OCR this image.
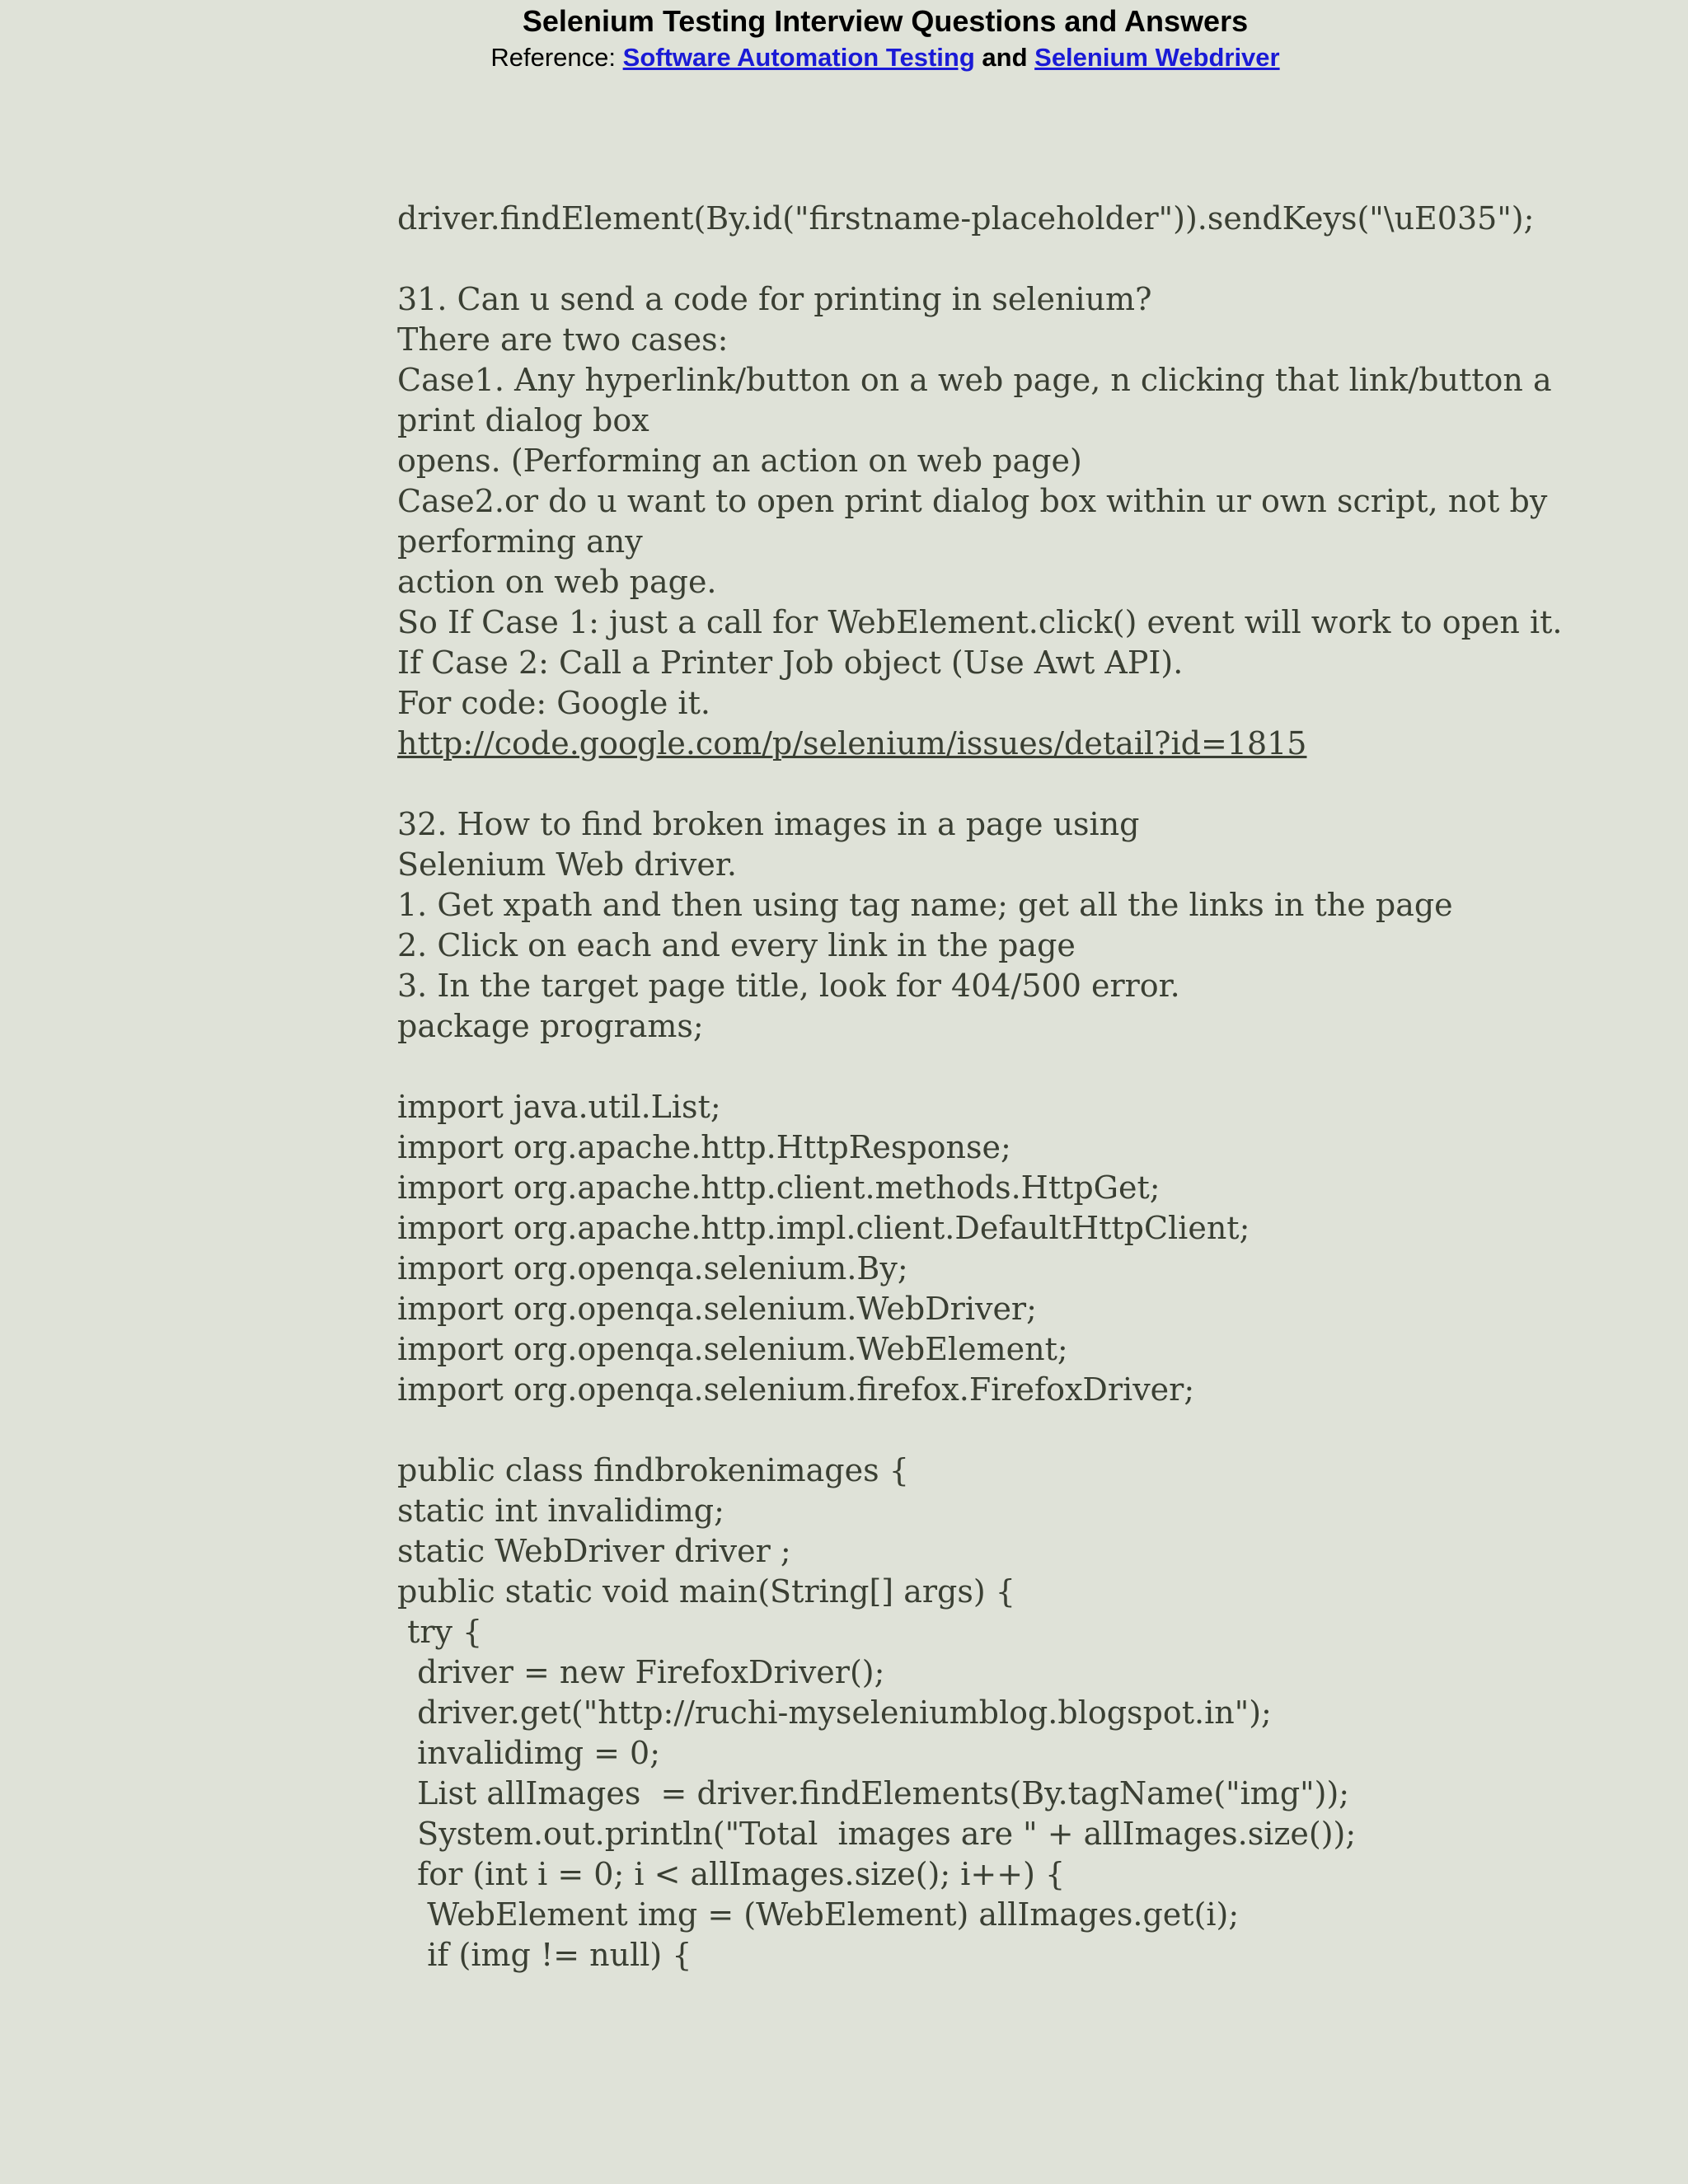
Selenium Testing Interview Questions and Answers
Reference: Software Automation Testing and Selenium Webdriver
driver.findElement(By.id("firstname-placeholder")).sendKeys("\uE035");
31. Can u send a code for printing in selenium?
There are two cases:
Case1. Any hyperlink/button on a web page, n clicking that link/button a
print dialog box
opens. (Performing an action on web page)
Case2.or do u want to open print dialog box within ur own script, not by
performing any
action on web page.
So If Case 1: just a call for WebElement.click() event will work to open it.
If Case 2: Call a Printer Job object (Use Awt API).
For code: Google it.
http://code.google.com/p/selenium/issues/detail?id=1815
32. How to find broken images in a page using
Selenium Web driver.
1. Get xpath and then using tag name; get all the links in the page
2. Click on each and every link in the page
3. In the target page title, look for 404/500 error.
package programs;
import java.util.List;
import org.apache.http.HttpResponse;
import org.apache.http.client.methods.HttpGet;
import org.apache.http.impl.client.DefaultHttpClient;
import org.openqa.selenium.By;
import org.openqa.selenium.WebDriver;
import org.openqa.selenium.WebElement;
import org.openqa.selenium.firefox.FirefoxDriver;
public class findbrokenimages {
static int invalidimg;
static WebDriver driver ;
public static void main(String[] args) {
try {
driver = new FirefoxDriver();
driver.get("http://ruchi-myseleniumblog.blogspot.in");
invalidimg = 0;
List allImages  = driver.findElements(By.tagName("img"));
System.out.println("Total  images are " + allImages.size());
for (int i = 0; i < allImages.size(); i++) {
WebElement img = (WebElement) allImages.get(i);
if (img != null) {
